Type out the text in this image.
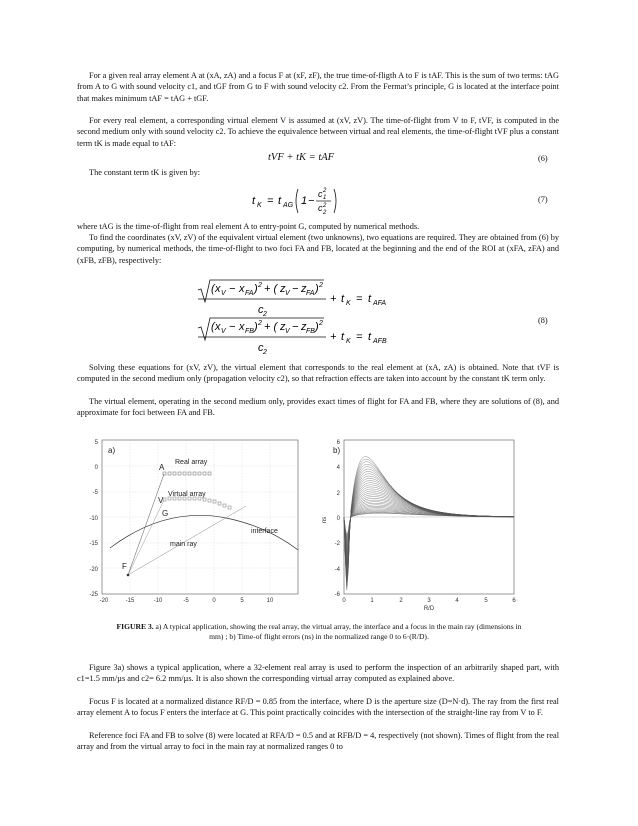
For a given real array element A at (xA, zA) and a focus F at (xF, zF), the true time-of-fligth A to F is tAF. This is the sum of two terms: tAG from A to G with sound velocity c1, and tGF from G to F with sound velocity c2. From the Fermat’s principle, G is located at the interface point that makes minimum tAF = tAG + tGF.

For every real element, a corresponding virtual element V is assumed at (xV, zV). The time-of-flight from V to F, tVF, is computed in the second medium only with sound velocity c2. To achieve the equivalence between virtual and real elements, the time-of-flight tVF plus a constant term tK is made equal to tAF:

tVF + tK = tAF	(6)

The constant term tK is given by:

t K = t AG 1 −
c 2
1
c 2
2
(7)

where tAG is the time-of-flight from real element A to entry-point G, computed by numerical methods.

To find the coordinates (xV, zV) of the equivalent virtual element (two unknowns), two equations are required. They are obtained from (6) by computing, by numerical methods, the time-of-flight to two foci FA and FB, located at the beginning and the end of the ROI at (xFA, zFA) and (xFB, zFB), respectively:

( x V − x FA ) 2 + ( z V − z FA ) 2
c 2
+ t K = t AFA
( x V − x FB ) 2 + ( z V − z FB ) 2
c 2
+ t K = t AFB
(8)

Solving these equations for (xV, zV), the virtual element that corresponds to the real element at (xA, zA) is obtained. Note that tVF is computed in the second medium only (propagation velocity c2), so that refraction effects are taken into account by the constant tK term only.

The virtual element, operating in the second medium only, provides exact times of flight for FA and FB, where they are solutions of (8), and approximate for foci between FA and FB.

a)
A
Real array
V
Virtual array
G
interface
main ray
F
-20	-15	-10	-5	0	5	10
5
0
-5
-10
-15
-20
-25
b)
0	1	2	3	4	5	6
R/D
6
4
2
0
-2
-4
-6
ns
FIGURE 3. a) A typical application, showing the real array, the virtual array, the interface and a focus in the main ray (dimensions in mm) ; b) Time-of flight errors (ns) in the normalized range 0 to 6·(R/D).

Figure 3a) shows a typical application, where a 32-element real array is used to perform the inspection of an arbitrarily shaped part, with c1=1.5 mm/µs and c2= 6.2 mm/µs. It is also shown the corresponding virtual array computed as explained above.

Focus F is located at a normalized distance RF/D = 0.85 from the interface, where D is the aperture size (D=N·d). The ray from the first real array element A to focus F enters the interface at G. This point practically coincides with the intersection of the straight-line ray from V to F.

Reference foci FA and FB to solve (8) were located at RFA/D = 0.5 and at RFB/D = 4, respectively (not shown). Times of flight from the real array and from the virtual array to foci in the main ray at normalized ranges 0 to
